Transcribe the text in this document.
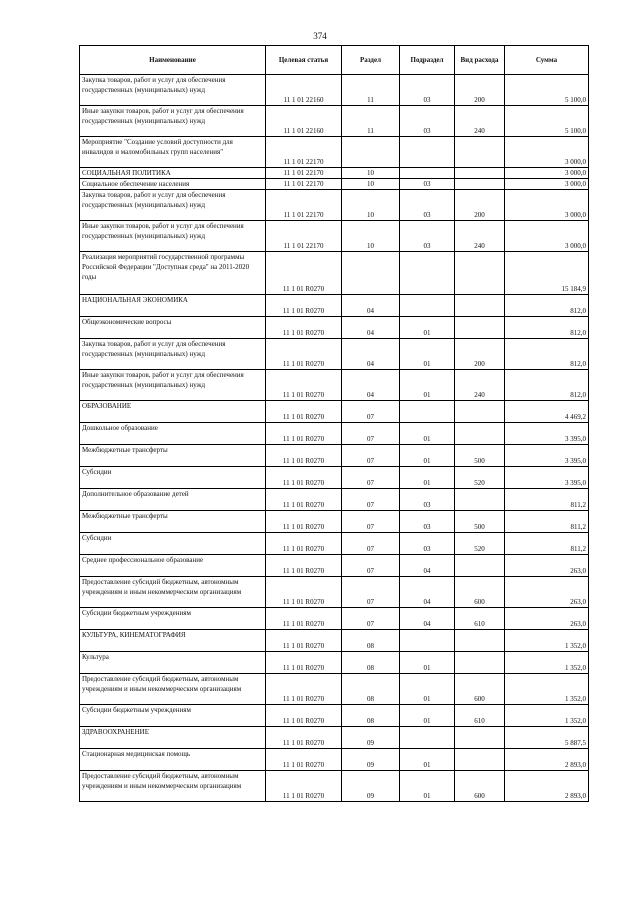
374
Наименование	Целевая статья	Раздел	Подраздел	Вид расхода	Сумма
Закупка товаров, работ и услуг для обеспечения государственных (муниципальных) нужд	11 1 01 22160	11	03	200	5 100,0
Иные закупки товаров, работ и услуг для обеспечения государственных (муниципальных) нужд	11 1 01 22160	11	03	240	5 100,0
Мероприятие "Создание условий доступности для инвалидов и маломобильных групп населения"	11 1 01 22170				3 000,0
СОЦИАЛЬНАЯ ПОЛИТИКА	11 1 01 22170	10			3 000,0
Социальное обеспечение населения	11 1 01 22170	10	03		3 000,0
Закупка товаров, работ и услуг для обеспечения государственных (муниципальных) нужд	11 1 01 22170	10	03	200	3 000,0
Иные закупки товаров, работ и услуг для обеспечения государственных (муниципальных) нужд	11 1 01 22170	10	03	240	3 000,0
Реализация мероприятий государственной программы Российской Федерации "Доступная среда" на 2011-2020 годы	11 1 01 R0270				15 184,9
НАЦИОНАЛЬНАЯ ЭКОНОМИКА	11 1 01 R0270	04			812,0
Общеэкономические вопросы	11 1 01 R0270	04	01		812,0
Закупка товаров, работ и услуг для обеспечения государственных (муниципальных) нужд	11 1 01 R0270	04	01	200	812,0
Иные закупки товаров, работ и услуг для обеспечения государственных (муниципальных) нужд	11 1 01 R0270	04	01	240	812,0
ОБРАЗОВАНИЕ	11 1 01 R0270	07			4 469,2
Дошкольное образование	11 1 01 R0270	07	01		3 395,0
Межбюджетные трансферты	11 1 01 R0270	07	01	500	3 395,0
Субсидии	11 1 01 R0270	07	01	520	3 395,0
Дополнительное образование детей	11 1 01 R0270	07	03		811,2
Межбюджетные трансферты	11 1 01 R0270	07	03	500	811,2
Субсидии	11 1 01 R0270	07	03	520	811,2
Среднее профессиональное образование	11 1 01 R0270	07	04		263,0
Предоставление субсидий бюджетным, автономным учреждениям и иным некоммерческим организациям	11 1 01 R0270	07	04	600	263,0
Субсидии бюджетным учреждениям	11 1 01 R0270	07	04	610	263,0
КУЛЬТУРА, КИНЕМАТОГРАФИЯ	11 1 01 R0270	08			1 352,0
Культура	11 1 01 R0270	08	01		1 352,0
Предоставление субсидий бюджетным, автономным учреждениям и иным некоммерческим организациям	11 1 01 R0270	08	01	600	1 352,0
Субсидии бюджетным учреждениям	11 1 01 R0270	08	01	610	1 352,0
ЗДРАВООХРАНЕНИЕ	11 1 01 R0270	09			5 887,5
Стационарная медицинская помощь	11 1 01 R0270	09	01		2 893,0
Предоставление субсидий бюджетным, автономным учреждениям и иным некоммерческим организациям	11 1 01 R0270	09	01	600	2 893,0
